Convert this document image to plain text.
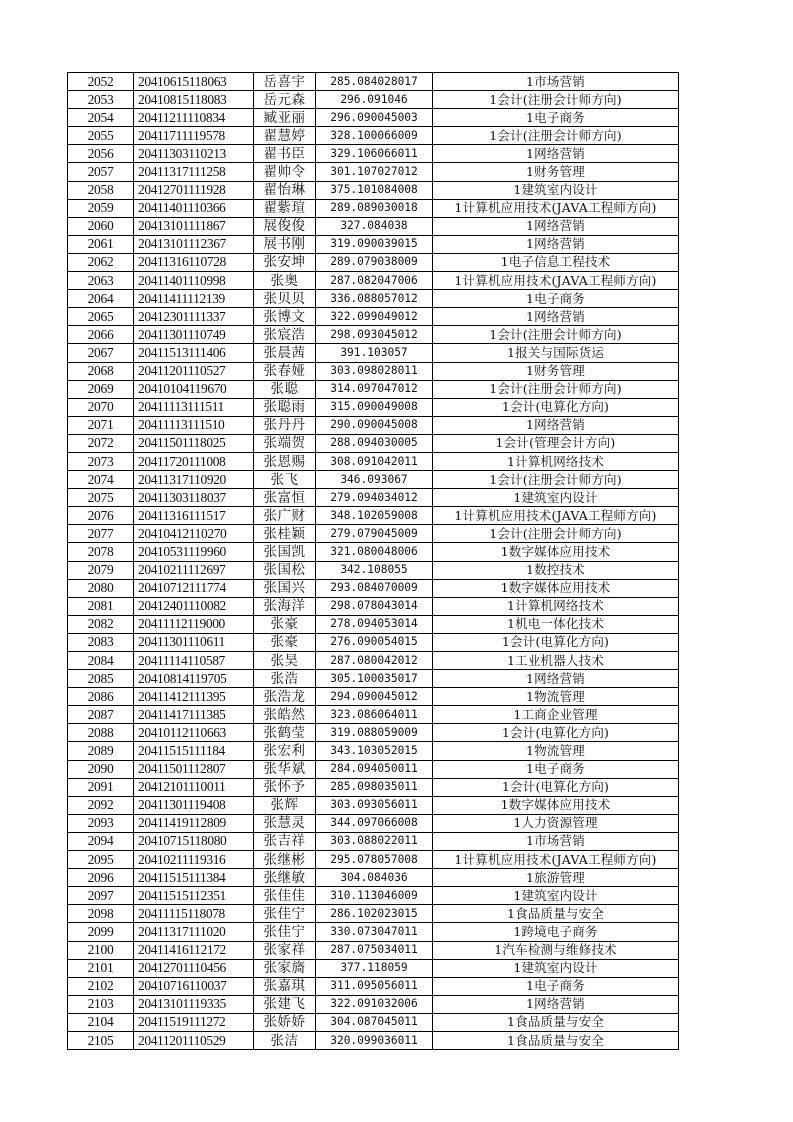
2052	20410615118063	岳喜宇	285.084028017	1市场营销
2053	20410815118083	岳元森	296.091046	1会计(注册会计师方向)
2054	20411211110834	臧亚丽	296.090045003	1电子商务
2055	20411711119578	翟慧婷	328.100066009	1会计(注册会计师方向)
2056	20411303110213	翟书臣	329.106066011	1网络营销
2057	20411317111258	翟帅令	301.107027012	1财务管理
2058	20412701111928	翟怡琳	375.101084008	1建筑室内设计
2059	20411401110366	翟紫瑄	289.089030018	1计算机应用技术(JAVA工程师方向)
2060	20413101111867	展俊俊	327.084038	1网络营销
2061	20413101112367	展书刚	319.090039015	1网络营销
2062	20411316110728	张安坤	289.079038009	1电子信息工程技术
2063	20411401110998	张奥	287.082047006	1计算机应用技术(JAVA工程师方向)
2064	20411411112139	张贝贝	336.088057012	1电子商务
2065	20412301111337	张博文	322.099049012	1网络营销
2066	20411301110749	张宸浩	298.093045012	1会计(注册会计师方向)
2067	20411513111406	张晨茜	391.103057	1报关与国际货运
2068	20411201110527	张春娅	303.098028011	1财务管理
2069	20410104119670	张聪	314.097047012	1会计(注册会计师方向)
2070	20411113111511	张聪雨	315.090049008	1会计(电算化方向)
2071	20411113111510	张丹丹	290.090045008	1网络营销
2072	20411501118025	张端贺	288.094030005	1会计(管理会计方向)
2073	20411720111008	张恩赐	308.091042011	1计算机网络技术
2074	20411317110920	张飞	346.093067	1会计(注册会计师方向)
2075	20411303118037	张富恒	279.094034012	1建筑室内设计
2076	20411316111517	张广财	348.102059008	1计算机应用技术(JAVA工程师方向)
2077	20410412110270	张桂颖	279.079045009	1会计(注册会计师方向)
2078	20410531119960	张国凯	321.080048006	1数字媒体应用技术
2079	20410211112697	张国松	342.108055	1数控技术
2080	20410712111774	张国兴	293.084070009	1数字媒体应用技术
2081	20412401110082	张海洋	298.078043014	1计算机网络技术
2082	20411112119000	张豪	278.094053014	1机电一体化技术
2083	20411301110611	张豪	276.090054015	1会计(电算化方向)
2084	20411114110587	张昊	287.080042012	1工业机器人技术
2085	20410814119705	张浩	305.100035017	1网络营销
2086	20411412111395	张浩龙	294.090045012	1物流管理
2087	20411417111385	张皓然	323.086064011	1工商企业管理
2088	20410112110663	张鹤莹	319.088059009	1会计(电算化方向)
2089	20411515111184	张宏利	343.103052015	1物流管理
2090	20411501112807	张华斌	284.094050011	1电子商务
2091	20412101110011	张怀予	285.098035011	1会计(电算化方向)
2092	20411301119408	张辉	303.093056011	1数字媒体应用技术
2093	20411419112809	张慧灵	344.097066008	1人力资源管理
2094	20410715118080	张吉祥	303.088022011	1市场营销
2095	20410211119316	张继彬	295.078057008	1计算机应用技术(JAVA工程师方向)
2096	20411515111384	张继敏	304.084036	1旅游管理
2097	20411515112351	张佳佳	310.113046009	1建筑室内设计
2098	20411115118078	张佳宁	286.102023015	1食品质量与安全
2099	20411317111020	张佳宁	330.073047011	1跨境电子商务
2100	20411416112172	张家祥	287.075034011	1汽车检测与维修技术
2101	20412701110456	张家旖	377.118059	1建筑室内设计
2102	20410716110037	张嘉琪	311.095056011	1电子商务
2103	20413101119335	张建飞	322.091032006	1网络营销
2104	20411519111272	张娇娇	304.087045011	1食品质量与安全
2105	20411201110529	张洁	320.099036011	1食品质量与安全
